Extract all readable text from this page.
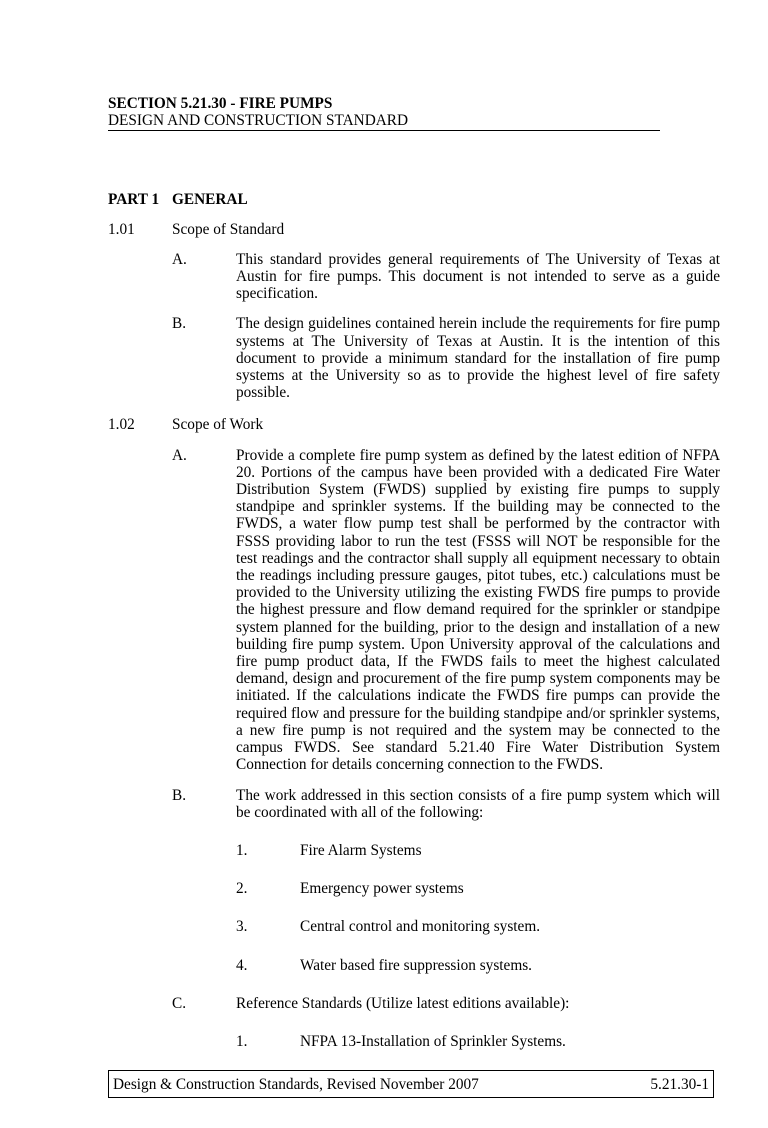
SECTION 5.21.30 - FIRE PUMPS
DESIGN AND CONSTRUCTION STANDARD
PART 1 GENERAL
1.01	Scope of Standard
A.	This standard provides general requirements of The University of Texas at Austin for fire pumps. This document is not intended to serve as a guide specification.
B.	The design guidelines contained herein include the requirements for fire pump systems at The University of Texas at Austin. It is the intention of this document to provide a minimum standard for the installation of fire pump systems at the University so as to provide the highest level of fire safety possible.
1.02	Scope of Work
A.	Provide a complete fire pump system as defined by the latest edition of NFPA 20. Portions of the campus have been provided with a dedicated Fire Water Distribution System (FWDS) supplied by existing fire pumps to supply standpipe and sprinkler systems. If the building may be connected to the FWDS, a water flow pump test shall be performed by the contractor with FSSS providing labor to run the test (FSSS will NOT be responsible for the test readings and the contractor shall supply all equipment necessary to obtain the readings including pressure gauges, pitot tubes, etc.) calculations must be provided to the University utilizing the existing FWDS fire pumps to provide the highest pressure and flow demand required for the sprinkler or standpipe system planned for the building, prior to the design and installation of a new building fire pump system. Upon University approval of the calculations and fire pump product data, If the FWDS fails to meet the highest calculated demand, design and procurement of the fire pump system components may be initiated. If the calculations indicate the FWDS fire pumps can provide the required flow and pressure for the building standpipe and/or sprinkler systems, a new fire pump is not required and the system may be connected to the campus FWDS. See standard 5.21.40 Fire Water Distribution System Connection for details concerning connection to the FWDS.
B.	The work addressed in this section consists of a fire pump system which will be coordinated with all of the following:
1.	Fire Alarm Systems
2.	Emergency power systems
3.	Central control and monitoring system.
4.	Water based fire suppression systems.
C.	Reference Standards (Utilize latest editions available):
1.	NFPA 13-Installation of Sprinkler Systems.
Design & Construction Standards, Revised November 2007	5.21.30-1
